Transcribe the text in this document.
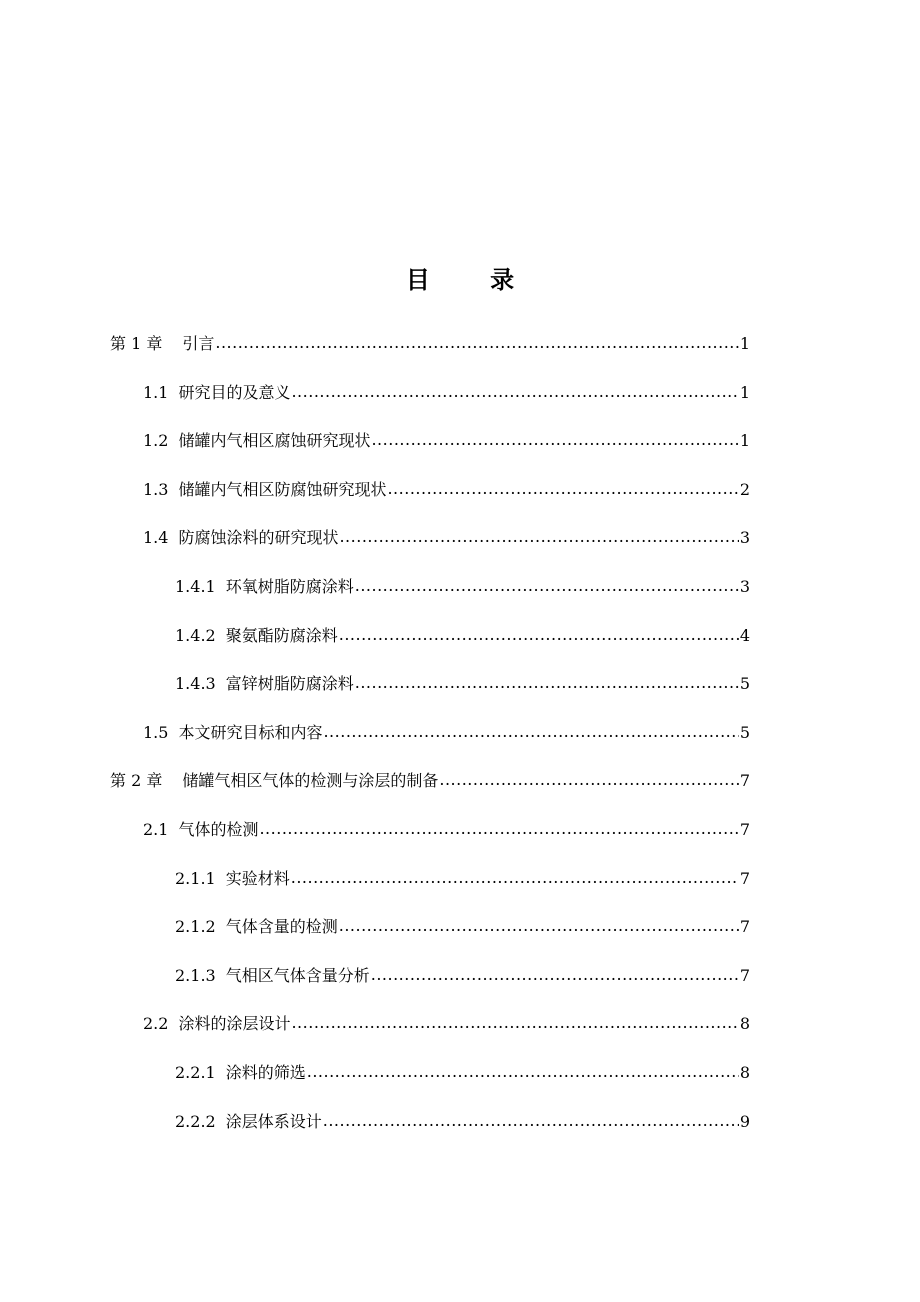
目 录
第 1 章 引言 .....	1
1.1 研究目的及意义 .....	1
1.2 储罐内气相区腐蚀研究现状 .....	1
1.3 储罐内气相区防腐蚀研究现状 .....	2
1.4 防腐蚀涂料的研究现状 .....	3
1.4.1 环氧树脂防腐涂料 .....	3
1.4.2 聚氨酯防腐涂料 .....	4
1.4.3 富锌树脂防腐涂料 .....	5
1.5 本文研究目标和内容 .....	5
第 2 章 储罐气相区气体的检测与涂层的制备 .....	7
2.1 气体的检测 .....	7
2.1.1 实验材料 .....	7
2.1.2 气体含量的检测 .....	7
2.1.3 气相区气体含量分析 .....	7
2.2 涂料的涂层设计 .....	8
2.2.1 涂料的筛选 .....	8
2.2.2 涂层体系设计 .....	9
